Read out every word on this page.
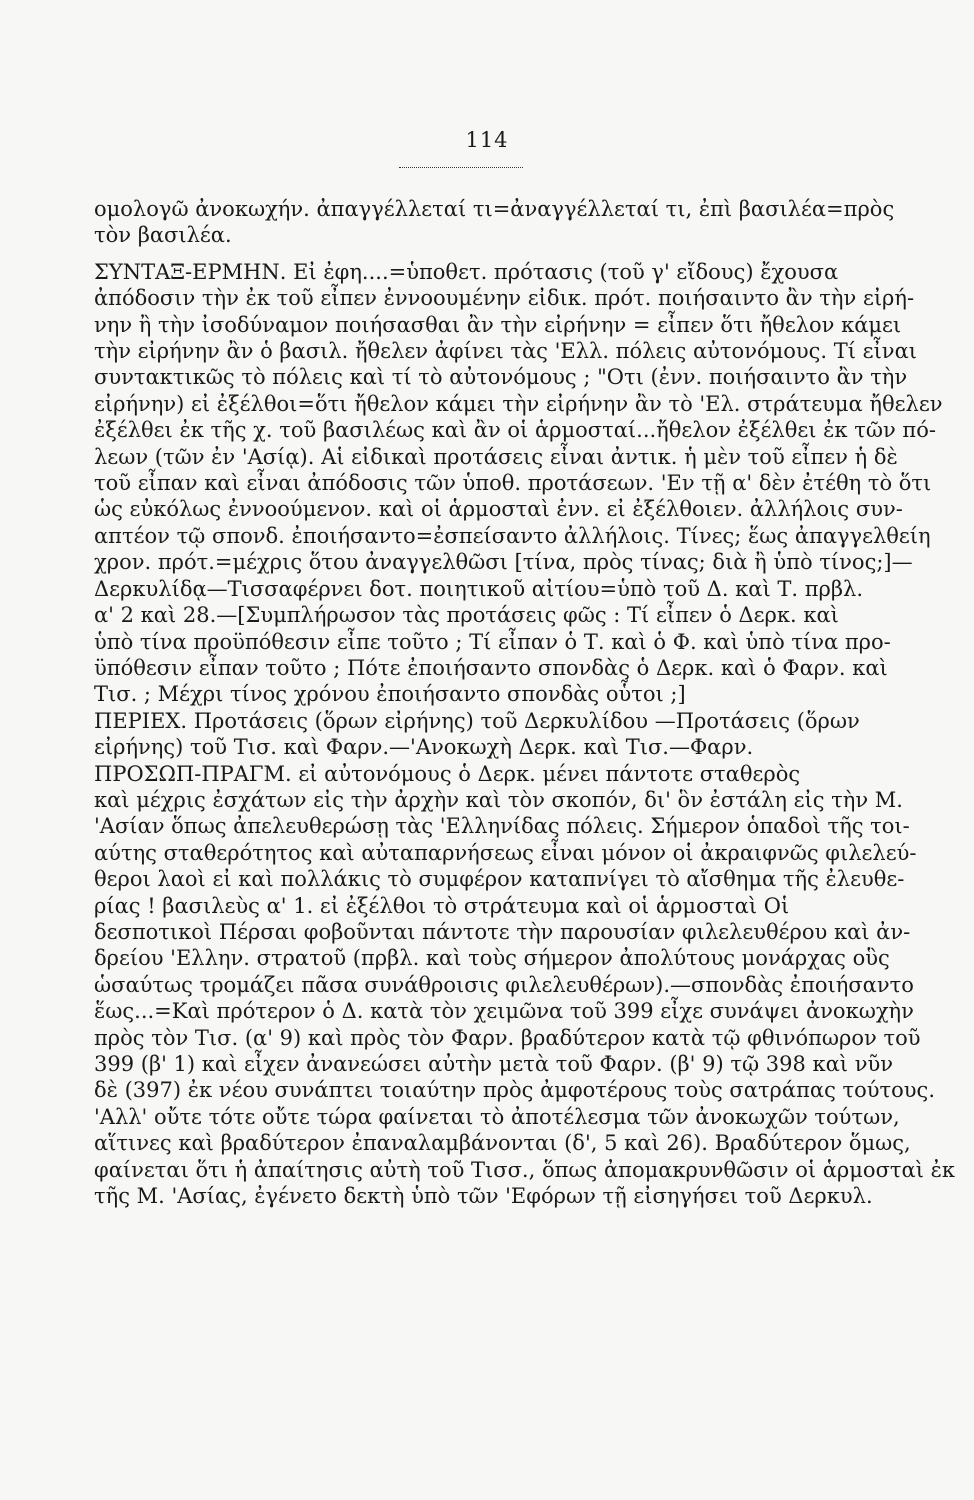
114
ομολογῶ ἀνοκωχήν. ἀπαγγέλλεταί τι=ἀναγγέλλεταί τι, ἐπὶ βασιλέα=πρὸς
τὸν βασιλέα.
ΣΥΝΤΑΞ-ΕΡΜΗΝ. Εἰ ἐφη....=ὑποθετ. πρότασις (τοῦ γ' εἴδους) ἔχουσα
ἀπόδοσιν τὴν ἐκ τοῦ εἶπεν ἐννοουμένην εἰδικ. πρότ. ποιήσαιντο ἂν τὴν εἰρή-
νην ἢ τὴν ἰσοδύναμον ποιήσασθαι ἂν τὴν εἰρήνην = εἶπεν ὅτι ἤθελον κάμει
τὴν εἰρήνην ἂν ὁ βασιλ. ἤθελεν ἀφίνει τὰς 'Ελλ. πόλεις αὐτονόμους. Τί εἶναι
συντακτικῶς τὸ πόλεις καὶ τί τὸ αὐτονόμους ; "Οτι (ἐνν. ποιήσαιντο ἂν τὴν
εἰρήνην) εἰ ἐξέλθοι=ὅτι ἤθελον κάμει τὴν εἰρήνην ἂν τὸ 'Ελ. στράτευμα ἤθελεν
ἐξέλθει ἐκ τῆς χ. τοῦ βασιλέως καὶ ἂν οἱ ἁρμοσταί...ἤθελον ἐξέλθει ἐκ τῶν πό-
λεων (τῶν ἐν 'Ασίᾳ). Αἱ εἰδικαὶ προτάσεις εἶναι ἀντικ. ἡ μὲν τοῦ εἶπεν ἡ δὲ
τοῦ εἶπαν καὶ εἶναι ἀπόδοσις τῶν ὑποθ. προτάσεων. 'Εν τῇ α' δὲν ἐτέθη τὸ ὅτι
ὡς εὐκόλως ἐννοούμενον. καὶ οἱ ἁρμοσταὶ ἐνν. εἰ ἐξέλθοιεν. ἀλλήλοις συν-
απτέον τῷ σπονδ. ἐποιήσαντο=ἐσπείσαντο ἀλλήλοις. Τίνες; ἕως ἀπαγγελθείη
χρον. πρότ.=μέχρις ὅτου ἀναγγελθῶσι [τίνα, πρὸς τίνας; διὰ ἢ ὑπὸ τίνος;]—
Δερκυλίδᾳ—Τισσαφέρνει δοτ. ποιητικοῦ αἰτίου=ὑπὸ τοῦ Δ. καὶ Τ. πρβλ.
α' 2 καὶ 28.—[Συμπλήρωσον τὰς προτάσεις φῶς : Τί εἶπεν ὁ Δερκ. καὶ
ὑπὸ τίνα προϋπόθεσιν εἶπε τοῦτο ; Τί εἶπαν ὁ Τ. καὶ ὁ Φ. καὶ ὑπὸ τίνα προ-
ϋπόθεσιν εἶπαν τοῦτο ; Πότε ἐποιήσαντο σπονδὰς ὁ Δερκ. καὶ ὁ Φαρν. καὶ
Τισ. ; Μέχρι τίνος χρόνου ἐποιήσαντο σπονδὰς οὗτοι ;]
ΠΕΡΙΕΧ. Προτάσεις (ὅρων εἰρήνης) τοῦ Δερκυλίδου —Προτάσεις (ὅρων
εἰρήνης) τοῦ Τισ. καὶ Φαρν.—'Ανοκωχὴ Δερκ. καὶ Τισ.—Φαρν.
ΠΡΟΣΩΠ-ΠΡΑΓΜ. εἰ αὐτονόμους ὁ Δερκ. μένει πάντοτε σταθερὸς
καὶ μέχρις ἐσχάτων εἰς τὴν ἀρχὴν καὶ τὸν σκοπόν, δι' ὃν ἐστάλη εἰς τὴν Μ.
'Ασίαν ὅπως ἀπελευθερώσῃ τὰς 'Ελληνίδας πόλεις. Σήμερον ὁπαδοὶ τῆς τοι-
αύτης σταθερότητος καὶ αὐταπαρνήσεως εἶναι μόνον οἱ ἀκραιφνῶς φιλελεύ-
θεροι λαοὶ εἰ καὶ πολλάκις τὸ συμφέρον καταπνίγει τὸ αἴσθημα τῆς ἐλευθε-
ρίας ! βασιλεὺς α' 1. εἰ ἐξέλθοι τὸ στράτευμα καὶ οἱ ἁρμοσταὶ Οἱ
δεσποτικοὶ Πέρσαι φοβοῦνται πάντοτε τὴν παρουσίαν φιλελευθέρου καὶ ἀν-
δρείου 'Ελλην. στρατοῦ (πρβλ. καὶ τοὺς σήμερον ἀπολύτους μονάρχας οὓς
ὡσαύτως τρομάζει πᾶσα συνάθροισις φιλελευθέρων).—σπονδὰς ἐποιήσαντο
ἕως...=Καὶ πρότερον ὁ Δ. κατὰ τὸν χειμῶνα τοῦ 399 εἶχε συνάψει ἀνοκωχὴν
πρὸς τὸν Τισ. (α' 9) καὶ πρὸς τὸν Φαρν. βραδύτερον κατὰ τῷ φθινόπωρον τοῦ
399 (β' 1) καὶ εἶχεν ἀνανεώσει αὐτὴν μετὰ τοῦ Φαρν. (β' 9) τῷ 398 καὶ νῦν
δὲ (397) ἐκ νέου συνάπτει τοιαύτην πρὸς ἀμφοτέρους τοὺς σατράπας τούτους.
'Αλλ' οὔτε τότε οὔτε τώρα φαίνεται τὸ ἀποτέλεσμα τῶν ἀνοκωχῶν τούτων,
αἵτινες καὶ βραδύτερον ἐπαναλαμβάνονται (δ', 5 καὶ 26). Βραδύτερον ὅμως,
φαίνεται ὅτι ἡ ἀπαίτησις αὐτὴ τοῦ Τισσ., ὅπως ἀπομακρυνθῶσιν οἱ ἁρμοσταὶ ἐκ
τῆς Μ. 'Ασίας, ἐγένετο δεκτὴ ὑπὸ τῶν 'Εφόρων τῇ εἰσηγήσει τοῦ Δερκυλ.
